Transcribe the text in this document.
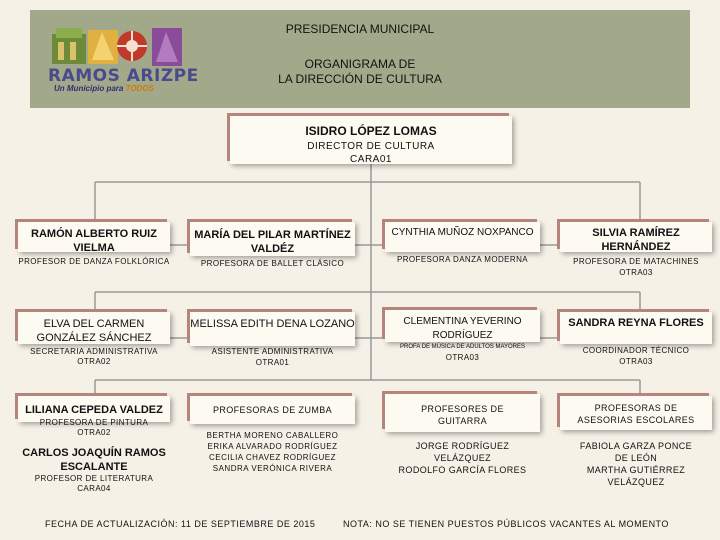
RAMOS ARIZPE
Un Municipio para TODOS
PRESIDENCIA MUNICIPAL
ORGANIGRAMA DE
LA DIRECCIÓN DE CULTURA
ISIDRO LÓPEZ LOMAS
DIRECTOR DE CULTURA
CARA01
RAMÓN ALBERTO RUIZ VIELMA
PROFESOR DE DANZA FOLKLÓRICA
MARÍA DEL PILAR MARTÍNEZ VALDÉZ
PROFESORA DE BALLET CLÁSICO
CYNTHIA MUÑOZ NOXPANCO
PROFESORA DANZA MODERNA
SILVIA RAMÍREZ HERNÁNDEZ
PROFESORA DE MATACHINES
OTRA03
ELVA DEL CARMEN GONZÁLEZ SÁNCHEZ
SECRETARIA ADMINISTRATIVA
OTRA02
MELISSA EDITH DENA LOZANO
ASISTENTE ADMINISTRATIVA
OTRA01
CLEMENTINA YEVERINO RODRÍGUEZ
PROFA DE MÚSICA DE ADULTOS MAYORES
OTRA03
SANDRA REYNA FLORES
COORDINADOR TÉCNICO
OTRA03
LILIANA CEPEDA VALDEZ
PROFESORA DE PINTURA
OTRA02
CARLOS JOAQUÍN RAMOS ESCALANTE
PROFESOR DE LITERATURA
CARA04
PROFESORAS DE ZUMBA
BERTHA MORENO CABALLERO
ERIKA ALVARADO RODRÍGUEZ
CECILIA CHAVEZ RODRÍGUEZ
SANDRA VERÓNICA RIVERA
PROFESORES DE GUITARRA
JORGE RODRÍGUEZ VELÁZQUEZ
RODOLFO GARCÍA FLORES
PROFESORAS DE ASESORIAS ESCOLARES
FABIOLA GARZA PONCE DE LEÓN
MARTHA GUTIÉRREZ VELÁZQUEZ
FECHA DE ACTUALIZACIÓN: 11 DE SEPTIEMBRE DE 2015	NOTA: NO SE TIENEN PUESTOS PÚBLICOS VACANTES AL MOMENTO
